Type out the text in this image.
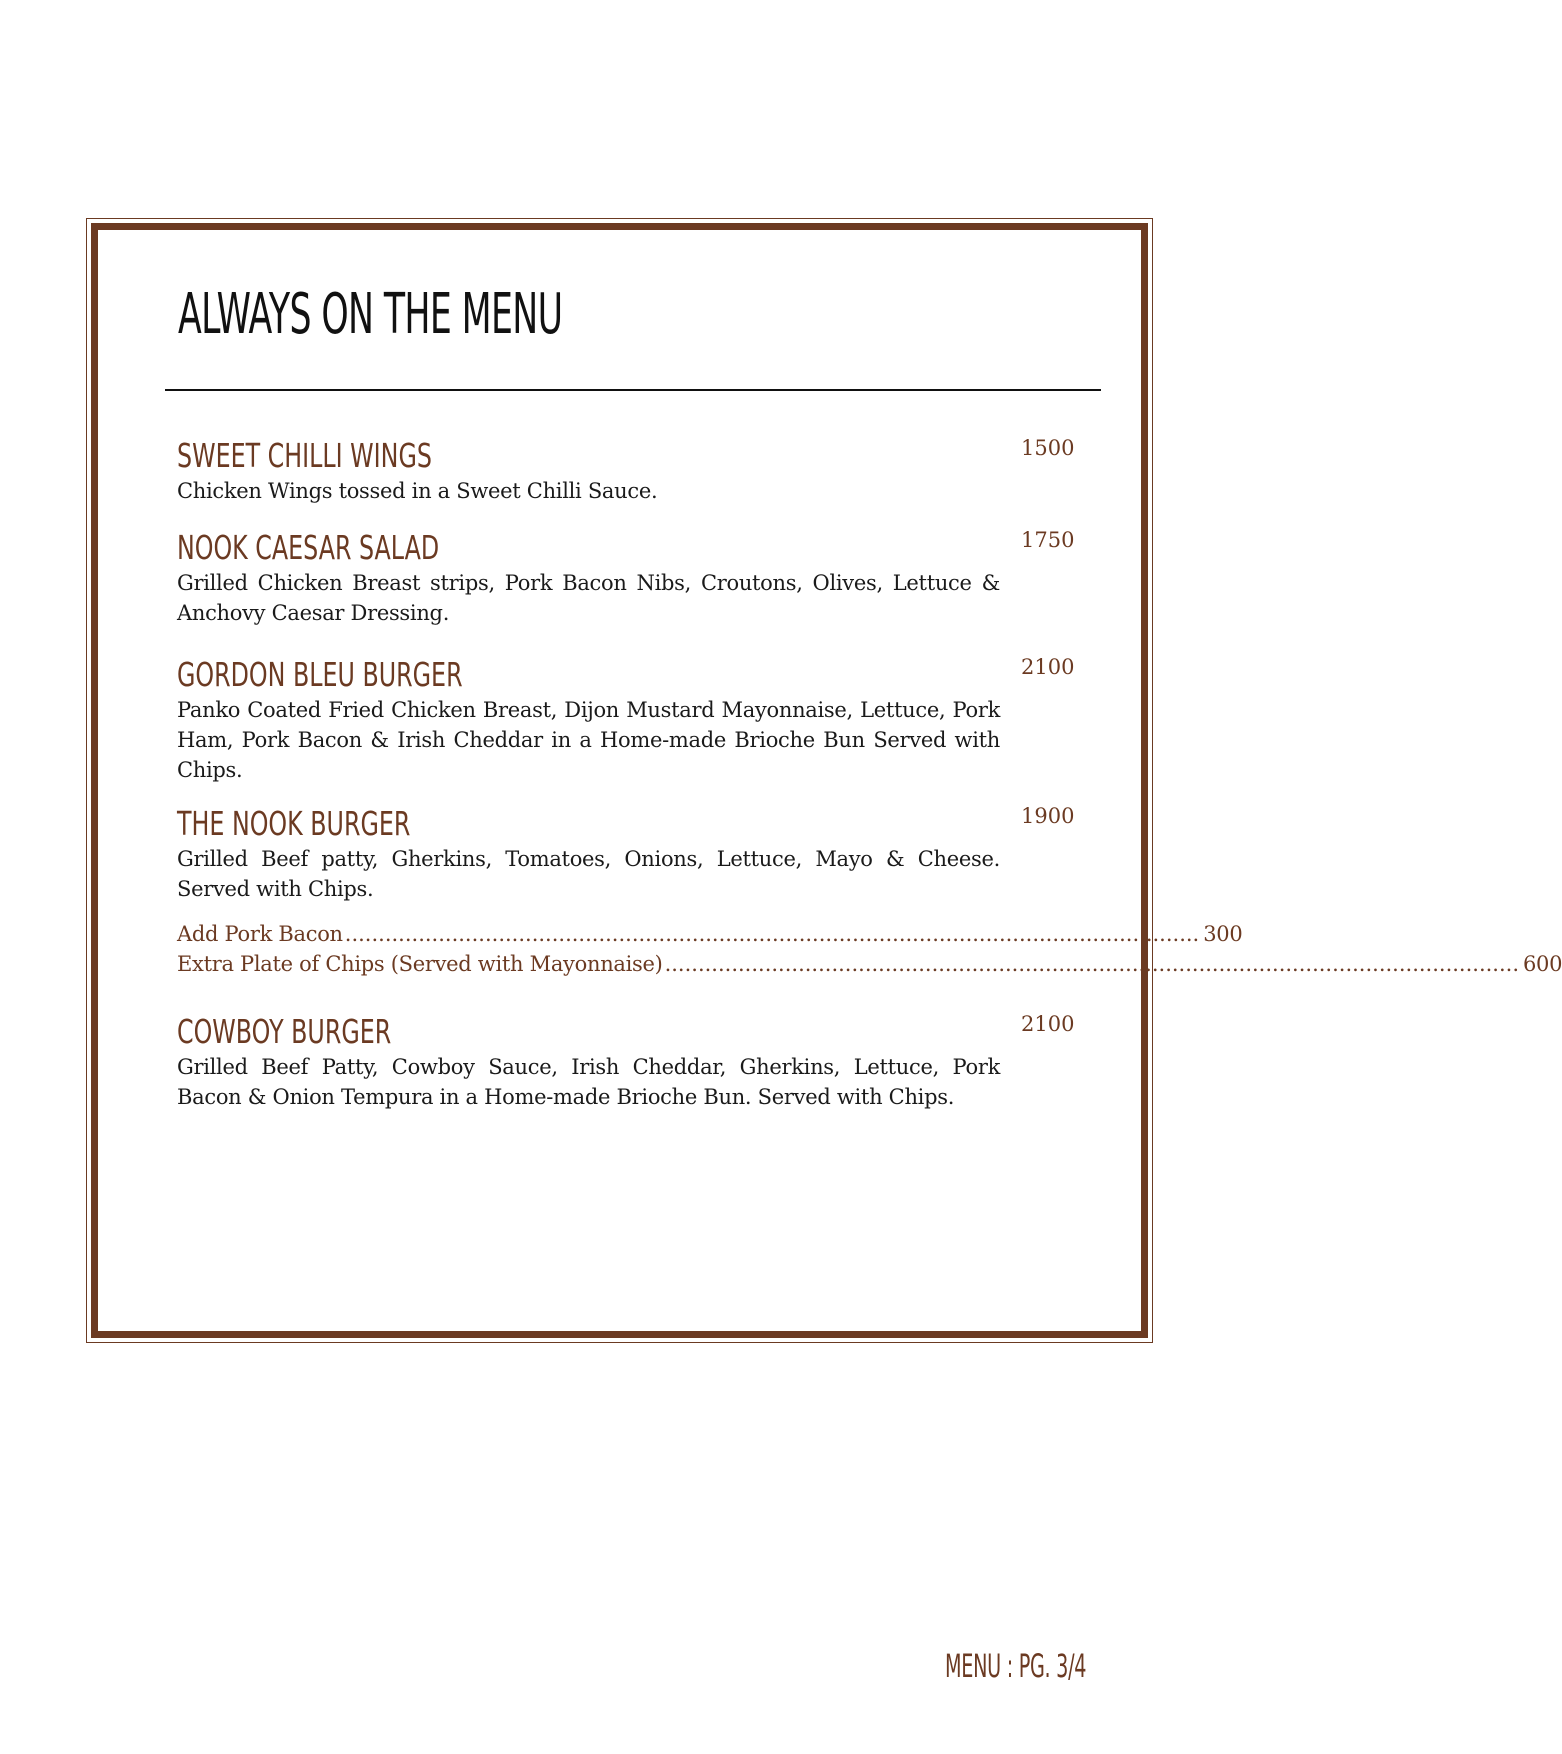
ALWAYS ON THE MENU
SWEET CHILLI WINGS

Chicken Wings tossed in a Sweet Chilli Sauce.

1500
NOOK CAESAR SALAD

Grilled Chicken Breast strips, Pork Bacon Nibs, Croutons, Olives, Lettuce & Anchovy Caesar Dressing.

1750
GORDON BLEU BURGER

Panko Coated Fried Chicken Breast, Dijon Mustard Mayonnaise, Lettuce, Pork Ham, Pork Bacon & Irish Cheddar in a Home-made Brioche Bun Served with Chips.

2100
THE NOOK BURGER

Grilled Beef patty, Gherkins, Tomatoes, Onions, Lettuce, Mayo & Cheese. Served with Chips.

1900
Add Pork Bacon ................................................................................................................................ 300
Extra Plate of Chips (Served with Mayonnaise) ................................................................................................................................ 600
COWBOY BURGER

Grilled Beef Patty, Cowboy Sauce, Irish Cheddar, Gherkins, Lettuce, Pork Bacon & Onion Tempura in a Home-made Brioche Bun. Served with Chips.

2100
MENU : PG. 3/4
